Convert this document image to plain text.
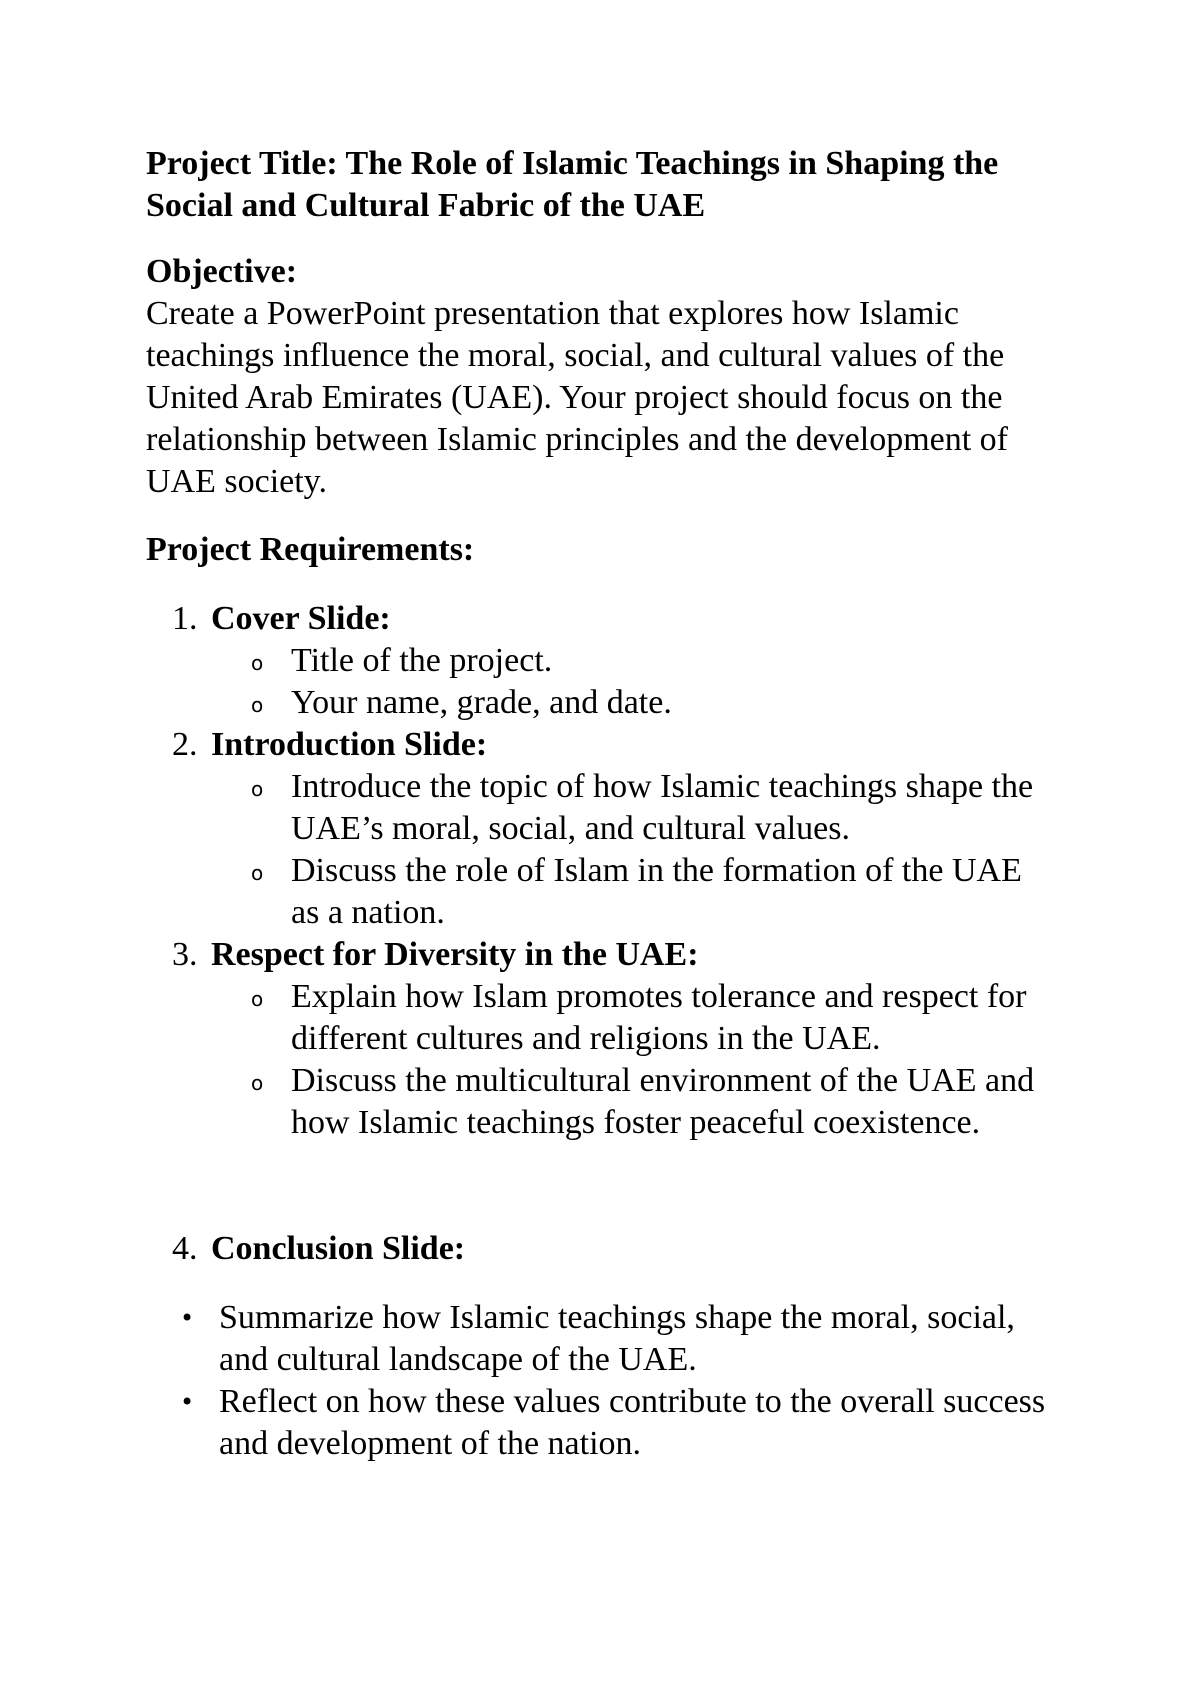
Project Title: The Role of Islamic Teachings in Shaping the Social and Cultural Fabric of the UAE

Objective:

Create a PowerPoint presentation that explores how Islamic teachings influence the moral, social, and cultural values of the United Arab Emirates (UAE). Your project should focus on the relationship between Islamic principles and the development of UAE society.

Project Requirements:

1. Cover Slide:
o Title of the project.
o Your name, grade, and date.
2. Introduction Slide:
o Introduce the topic of how Islamic teachings shape the UAE’s moral, social, and cultural values.
o Discuss the role of Islam in the formation of the UAE as a nation.
3. Respect for Diversity in the UAE:
o Explain how Islam promotes tolerance and respect for different cultures and religions in the UAE.
o Discuss the multicultural environment of the UAE and how Islamic teachings foster peaceful coexistence.
4. Conclusion Slide:
• Summarize how Islamic teachings shape the moral, social, and cultural landscape of the UAE.
• Reflect on how these values contribute to the overall success and development of the nation.
